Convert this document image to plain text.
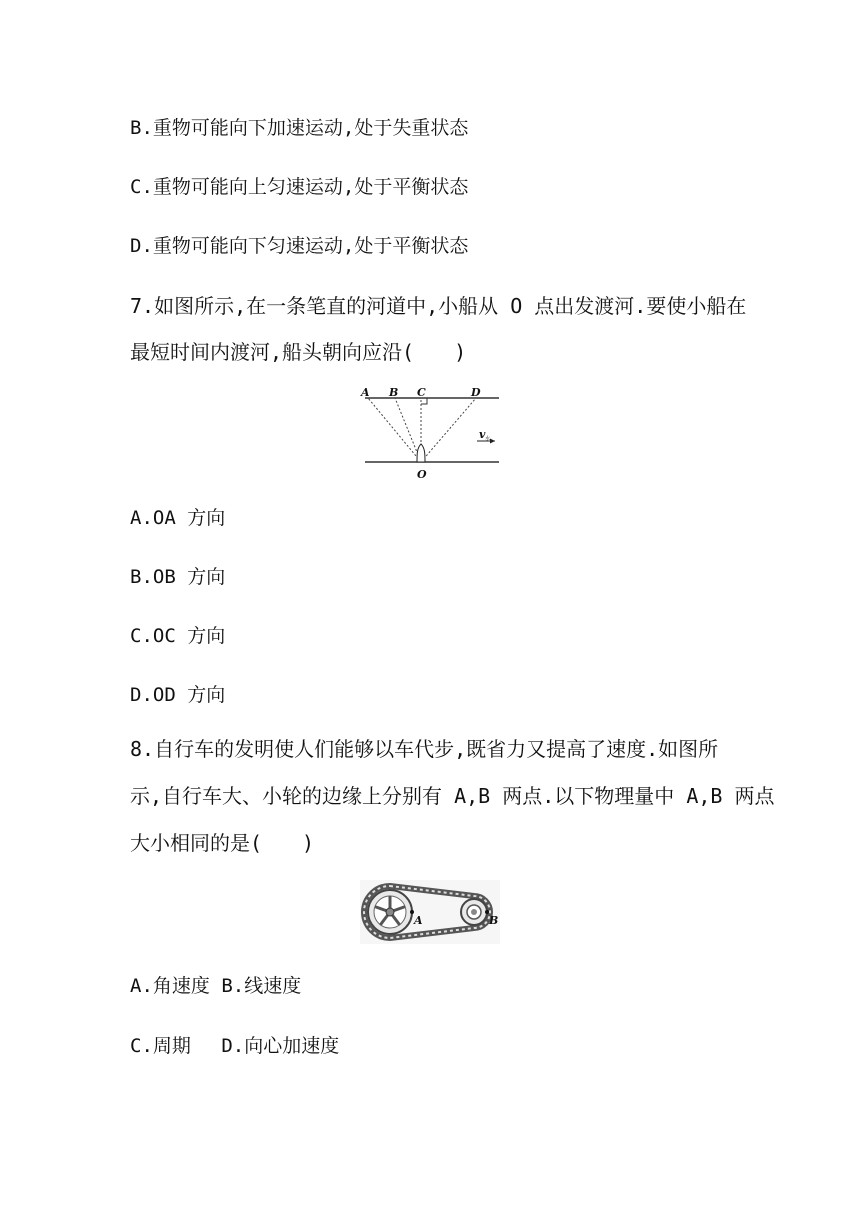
B.重物可能向下加速运动,处于失重状态
C.重物可能向上匀速运动,处于平衡状态
D.重物可能向下匀速运动,处于平衡状态
7.如图所示,在一条笔直的河道中,小船从 O 点出发渡河.要使小船在
最短时间内渡河,船头朝向应沿(　　)
A B C	D
O
v 水
A.OA 方向
B.OB 方向
C.OC 方向
D.OD 方向
8.自行车的发明使人们能够以车代步,既省力又提高了速度.如图所
示,自行车大、小轮的边缘上分别有 A,B 两点.以下物理量中 A,B 两点
大小相同的是(　　)
A	B
A.角速度 B.线速度
C.周期　 D.向心加速度
